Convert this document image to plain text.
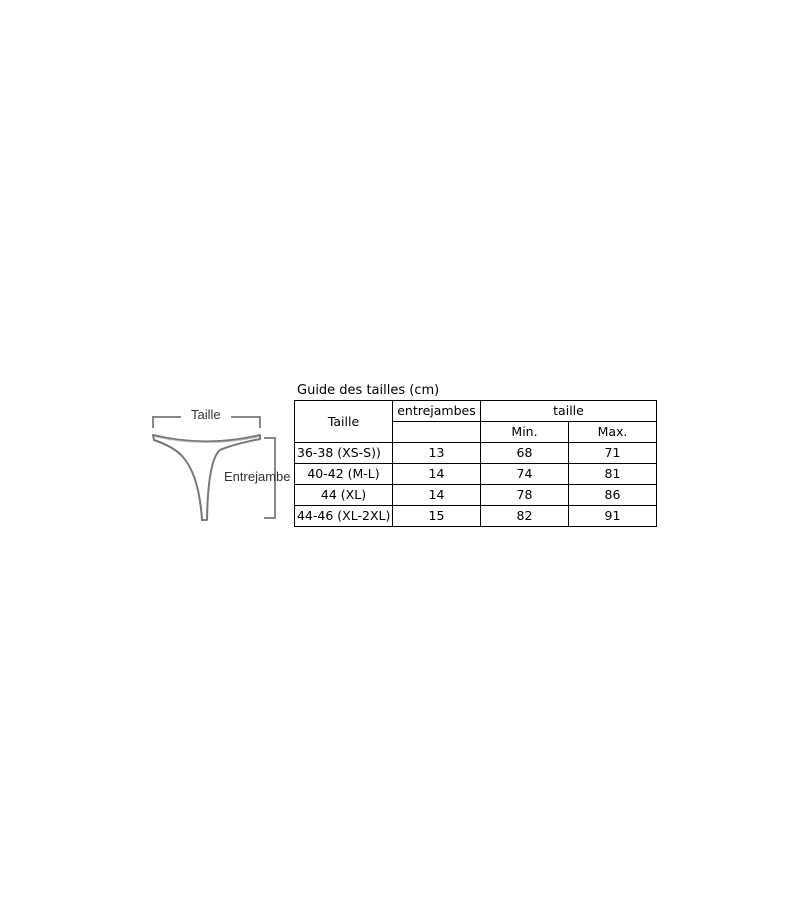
Taille
Entrejambe
Guide des tailles (cm)
Taille	entrejambes	taille	
		Min.	Max.
36-38 (XS-S))	13	68	71
40-42 (M-L)	14	74	81
44 (XL)	14	78	86
44-46 (XL-2XL)	15	82	91
